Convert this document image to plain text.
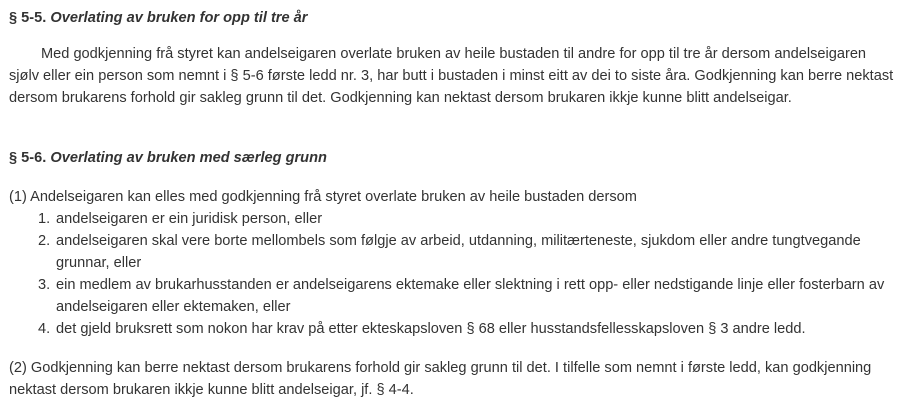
§ 5-5. Overlating av bruken for opp til tre år

Med godkjenning frå styret kan andelseigaren overlate bruken av heile bustaden til andre for opp til tre år dersom andelseigaren sjølv eller ein person som nemnt i § 5-6 første ledd nr. 3, har butt i bustaden i minst eitt av dei to siste åra. Godkjenning kan berre nektast dersom brukarens forhold gir sakleg grunn til det. Godkjenning kan nektast dersom brukaren ikkje kunne blitt andelseigar.

§ 5-6. Overlating av bruken med særleg grunn

(1) Andelseigaren kan elles med godkjenning frå styret overlate bruken av heile bustaden dersom

1. andelseigaren er ein juridisk person, eller
2. andelseigaren skal vere borte mellombels som følgje av arbeid, utdanning, militærteneste, sjukdom eller andre tungtvegande grunnar, eller
3. ein medlem av brukarhusstanden er andelseigarens ektemake eller slektning i rett opp- eller nedstigande linje eller fosterbarn av andelseigaren eller ektemaken, eller
4. det gjeld bruksrett som nokon har krav på etter ekteskapsloven § 68 eller husstandsfellesskapsloven § 3 andre ledd.

(2) Godkjenning kan berre nektast dersom brukarens forhold gir sakleg grunn til det. I tilfelle som nemnt i første ledd, kan godkjenning nektast dersom brukaren ikkje kunne blitt andelseigar, jf. § 4-4.
